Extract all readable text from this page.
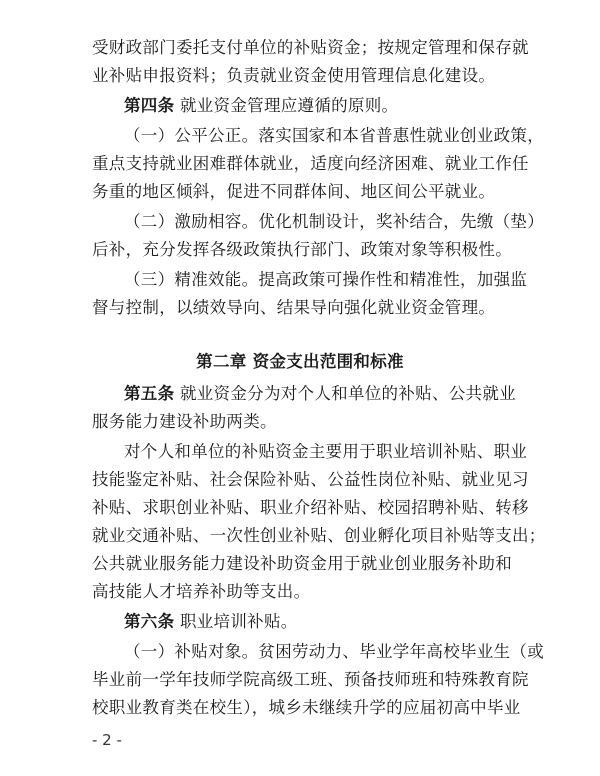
受财政部门委托支付单位的补贴资金；按规定管理和保存就
业补贴申报资料；负责就业资金使用管理信息化建设。
第四条 就业资金管理应遵循的原则。
（一）公平公正。落实国家和本省普惠性就业创业政策，
重点支持就业困难群体就业，适度向经济困难、就业工作任
务重的地区倾斜，促进不同群体间、地区间公平就业。
（二）激励相容。优化机制设计，奖补结合，先缴（垫）
后补，充分发挥各级政策执行部门、政策对象等积极性。
（三）精准效能。提高政策可操作性和精准性，加强监
督与控制，以绩效导向、结果导向强化就业资金管理。
第二章 资金支出范围和标准
第五条 就业资金分为对个人和单位的补贴、公共就业
服务能力建设补助两类。
对个人和单位的补贴资金主要用于职业培训补贴、职业
技能鉴定补贴、社会保险补贴、公益性岗位补贴、就业见习
补贴、求职创业补贴、职业介绍补贴、校园招聘补贴、转移
就业交通补贴、一次性创业补贴、创业孵化项目补贴等支出；
公共就业服务能力建设补助资金用于就业创业服务补助和
高技能人才培养补助等支出。
第六条 职业培训补贴。
（一）补贴对象。贫困劳动力、毕业学年高校毕业生（或
毕业前一学年技师学院高级工班、预备技师班和特殊教育院
校职业教育类在校生），城乡未继续升学的应届初高中毕业
- 2 -
